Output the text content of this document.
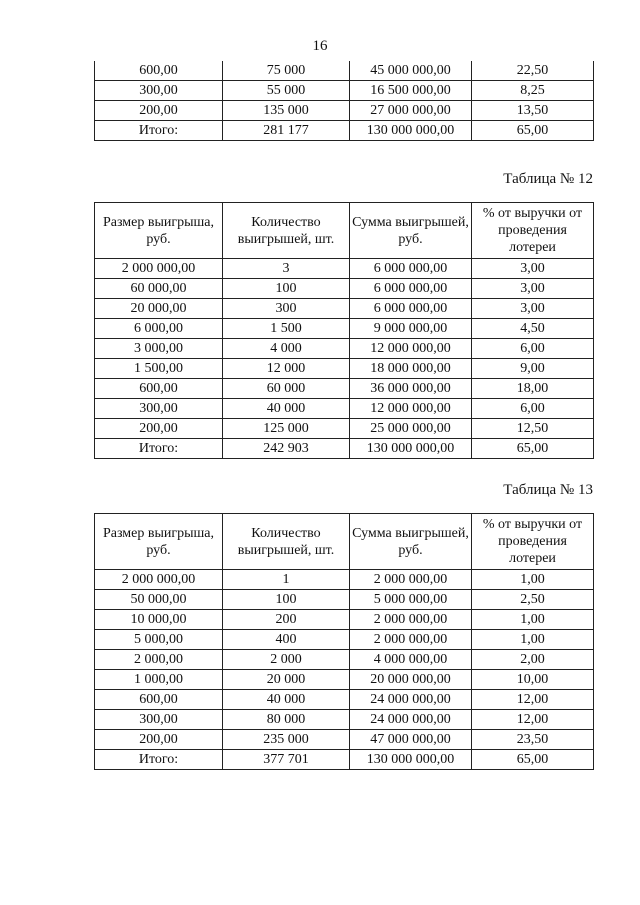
16
600,00	75 000	45 000 000,00	22,50
300,00	55 000	16 500 000,00	8,25
200,00	135 000	27 000 000,00	13,50
Итого:	281 177	130 000 000,00	65,00
Таблица № 12
Размер выигрыша, руб.	Количество выигрышей, шт.	Сумма выигрышей, руб.	% от выручки от проведения лотереи
2 000 000,00	3	6 000 000,00	3,00
60 000,00	100	6 000 000,00	3,00
20 000,00	300	6 000 000,00	3,00
6 000,00	1 500	9 000 000,00	4,50
3 000,00	4 000	12 000 000,00	6,00
1 500,00	12 000	18 000 000,00	9,00
600,00	60 000	36 000 000,00	18,00
300,00	40 000	12 000 000,00	6,00
200,00	125 000	25 000 000,00	12,50
Итого:	242 903	130 000 000,00	65,00
Таблица № 13
Размер выигрыша, руб.	Количество выигрышей, шт.	Сумма выигрышей, руб.	% от выручки от проведения лотереи
2 000 000,00	1	2 000 000,00	1,00
50 000,00	100	5 000 000,00	2,50
10 000,00	200	2 000 000,00	1,00
5 000,00	400	2 000 000,00	1,00
2 000,00	2 000	4 000 000,00	2,00
1 000,00	20 000	20 000 000,00	10,00
600,00	40 000	24 000 000,00	12,00
300,00	80 000	24 000 000,00	12,00
200,00	235 000	47 000 000,00	23,50
Итого:	377 701	130 000 000,00	65,00
